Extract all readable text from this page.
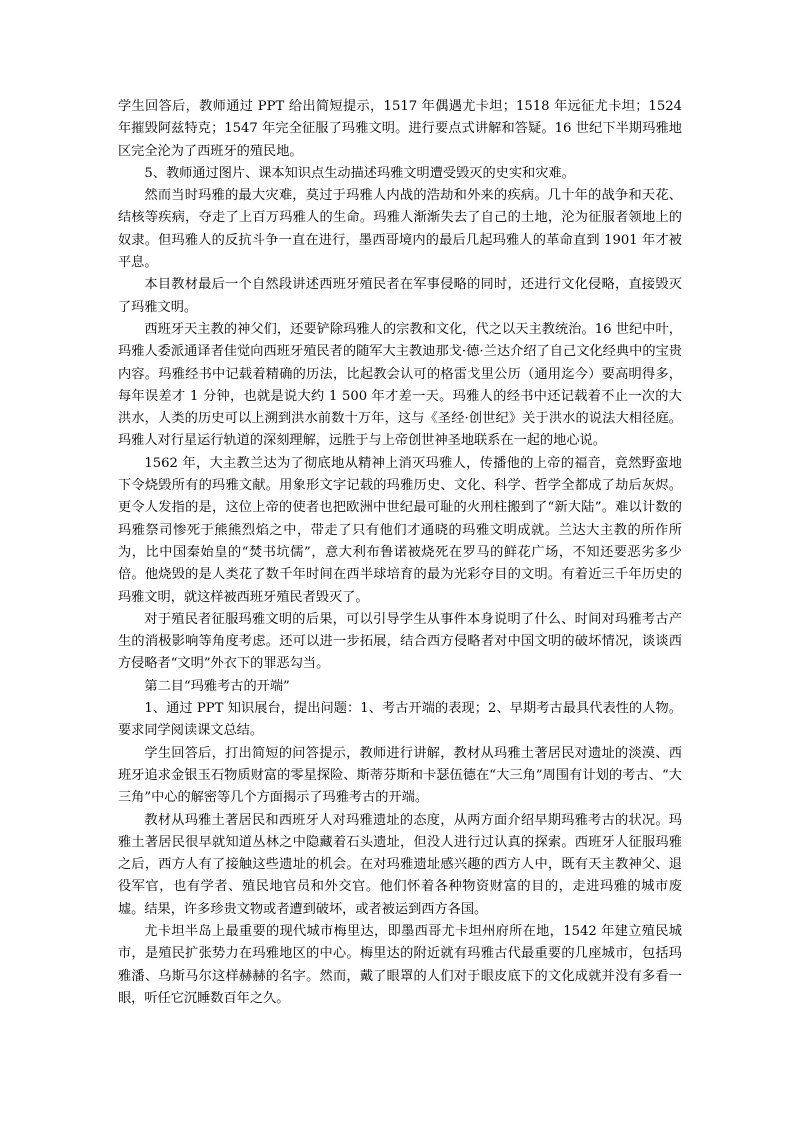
学生回答后，教师通过 PPT 给出简短提示，1517 年偶遇尤卡坦；1518 年远征尤卡坦；1524 年摧毁阿兹特克；1547 年完全征服了玛雅文明。进行要点式讲解和答疑。16 世纪下半期玛雅地区完全沦为了西班牙的殖民地。

5、教师通过图片、课本知识点生动描述玛雅文明遭受毁灭的史实和灾难。

然而当时玛雅的最大灾难，莫过于玛雅人内战的浩劫和外来的疾病。几十年的战争和天花、结核等疾病，夺走了上百万玛雅人的生命。玛雅人渐渐失去了自己的土地，沦为征服者领地上的奴隶。但玛雅人的反抗斗争一直在进行，墨西哥境内的最后几起玛雅人的革命直到 1901 年才被平息。

本目教材最后一个自然段讲述西班牙殖民者在军事侵略的同时，还进行文化侵略，直接毁灭了玛雅文明。

西班牙天主教的神父们，还要铲除玛雅人的宗教和文化，代之以天主教统治。16 世纪中叶，玛雅人委派通译者佳觉向西班牙殖民者的随军大主教迪那戈·德·兰达介绍了自己文化经典中的宝贵内容。玛雅经书中记载着精确的历法，比起教会认可的格雷戈里公历（通用迄今）要高明得多，每年误差才 1 分钟，也就是说大约 1 500 年才差一天。玛雅人的经书中还记载着不止一次的大洪水，人类的历史可以上溯到洪水前数十万年，这与《圣经·创世纪》关于洪水的说法大相径庭。玛雅人对行星运行轨道的深刻理解，远胜于与上帝创世神圣地联系在一起的地心说。

1562 年，大主教兰达为了彻底地从精神上消灭玛雅人，传播他的上帝的福音，竟然野蛮地下令烧毁所有的玛雅文献。用象形文字记载的玛雅历史、文化、科学、哲学全都成了劫后灰烬。更令人发指的是，这位上帝的使者也把欧洲中世纪最可耻的火刑柱搬到了“新大陆”。难以计数的玛雅祭司惨死于熊熊烈焰之中，带走了只有他们才通晓的玛雅文明成就。兰达大主教的所作所为，比中国秦始皇的“焚书坑儒”，意大利布鲁诺被烧死在罗马的鲜花广场，不知还要恶劣多少倍。他烧毁的是人类花了数千年时间在西半球培育的最为光彩夺目的文明。有着近三千年历史的玛雅文明，就这样被西班牙殖民者毁灭了。

对于殖民者征服玛雅文明的后果，可以引导学生从事件本身说明了什么、时间对玛雅考古产生的消极影响等角度考虑。还可以进一步拓展，结合西方侵略者对中国文明的破坏情况，谈谈西方侵略者“文明”外衣下的罪恶勾当。

第二目“玛雅考古的开端”

1、通过 PPT 知识展台，提出问题：1、考古开端的表现；2、早期考古最具代表性的人物。要求同学阅读课文总结。

学生回答后，打出简短的问答提示，教师进行讲解，教材从玛雅土著居民对遗址的淡漠、西班牙追求金银玉石物质财富的零星探险、斯蒂芬斯和卡瑟伍德在“大三角”周围有计划的考古、“大三角”中心的解密等几个方面揭示了玛雅考古的开端。

教材从玛雅土著居民和西班牙人对玛雅遗址的态度，从两方面介绍早期玛雅考古的状况。玛雅土著居民很早就知道丛林之中隐藏着石头遗址，但没人进行过认真的探索。西班牙人征服玛雅之后，西方人有了接触这些遗址的机会。在对玛雅遗址感兴趣的西方人中，既有天主教神父、退役军官，也有学者、殖民地官员和外交官。他们怀着各种物资财富的目的，走进玛雅的城市废墟。结果，许多珍贵文物或者遭到破坏，或者被运到西方各国。

尤卡坦半岛上最重要的现代城市梅里达，即墨西哥尤卡坦州府所在地，1542 年建立殖民城市，是殖民扩张势力在玛雅地区的中心。梅里达的附近就有玛雅古代最重要的几座城市，包括玛雅潘、乌斯马尔这样赫赫的名字。然而，戴了眼罩的人们对于眼皮底下的文化成就并没有多看一眼，听任它沉睡数百年之久。
